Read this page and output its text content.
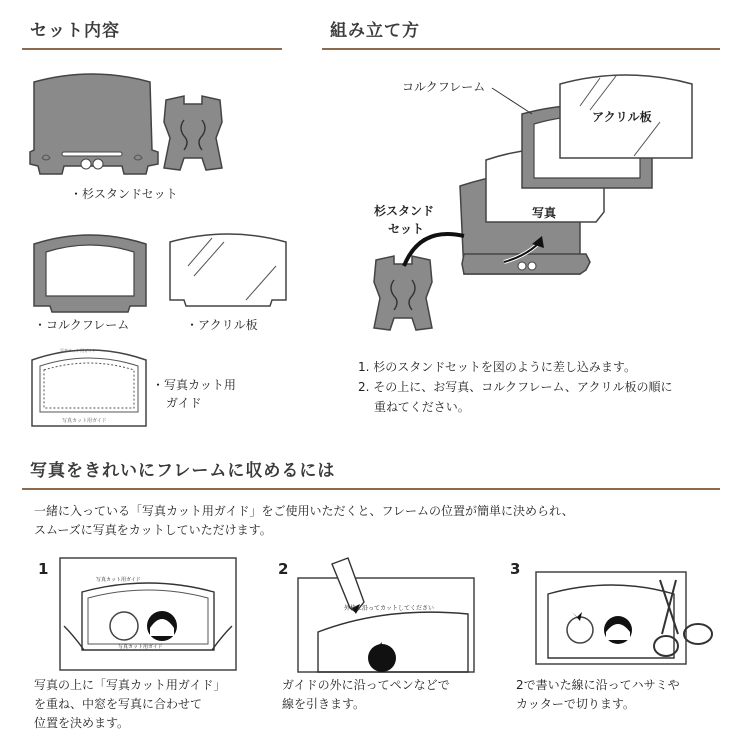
セット内容	組み立て方
・杉スタンドセット
・コルクフレーム	・アクリル板
写真カット用ガイド
写真カット用ガイド
・写真カット用
ガイド
写真
アクリル板
コルクフレーム
杉スタンド
セット
1. 杉のスタンドセットを図のように差し込みます。
2. その上に、お写真、コルクフレーム、アクリル板の順に
重ねてください。
写真をきれいにフレームに収めるには
一緒に入っている「写真カット用ガイド」をご使用いただくと、フレームの位置が簡単に決められ、
スムーズに写真をカットしていただけます。
1
写真カット用ガイド
写真カット用ガイド
写真の上に「写真カット用ガイド」
を重ね、中窓を写真に合わせて
位置を決めます。
2
外枠に沿ってカットしてください
ガイドの外に沿ってペンなどで
線を引きます。
3
2で書いた線に沿ってハサミや
カッターで切ります。
